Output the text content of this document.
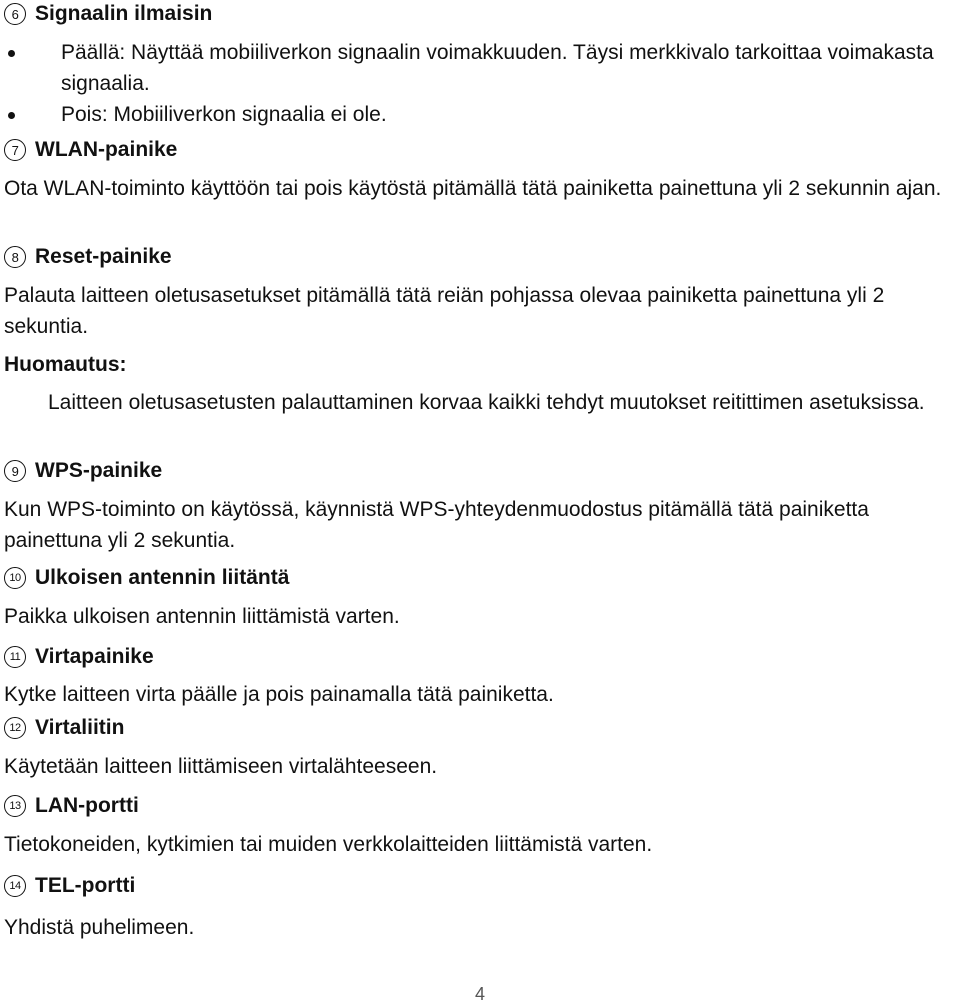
6 Signaalin ilmaisin
Päällä: Näyttää mobiiliverkon signaalin voimakkuuden. Täysi merkkivalo tarkoittaa voimakasta signaalia.
Pois: Mobiiliverkon signaalia ei ole.
7 WLAN-painike

Ota WLAN-toiminto käyttöön tai pois käytöstä pitämällä tätä painiketta painettuna yli 2 sekunnin ajan.

8 Reset-painike

Palauta laitteen oletusasetukset pitämällä tätä reiän pohjassa olevaa painiketta painettuna yli 2 sekuntia.

Huomautus:

Laitteen oletusasetusten palauttaminen korvaa kaikki tehdyt muutokset reitittimen asetuksissa.

9 WPS-painike

Kun WPS-toiminto on käytössä, käynnistä WPS-yhteydenmuodostus pitämällä tätä painiketta painettuna yli 2 sekuntia.

10 Ulkoisen antennin liitäntä

Paikka ulkoisen antennin liittämistä varten.

11 Virtapainike

Kytke laitteen virta päälle ja pois painamalla tätä painiketta.

12 Virtaliitin

Käytetään laitteen liittämiseen virtalähteeseen.

13 LAN-portti

Tietokoneiden, kytkimien tai muiden verkkolaitteiden liittämistä varten.

14 TEL-portti

Yhdistä puhelimeen.

4
